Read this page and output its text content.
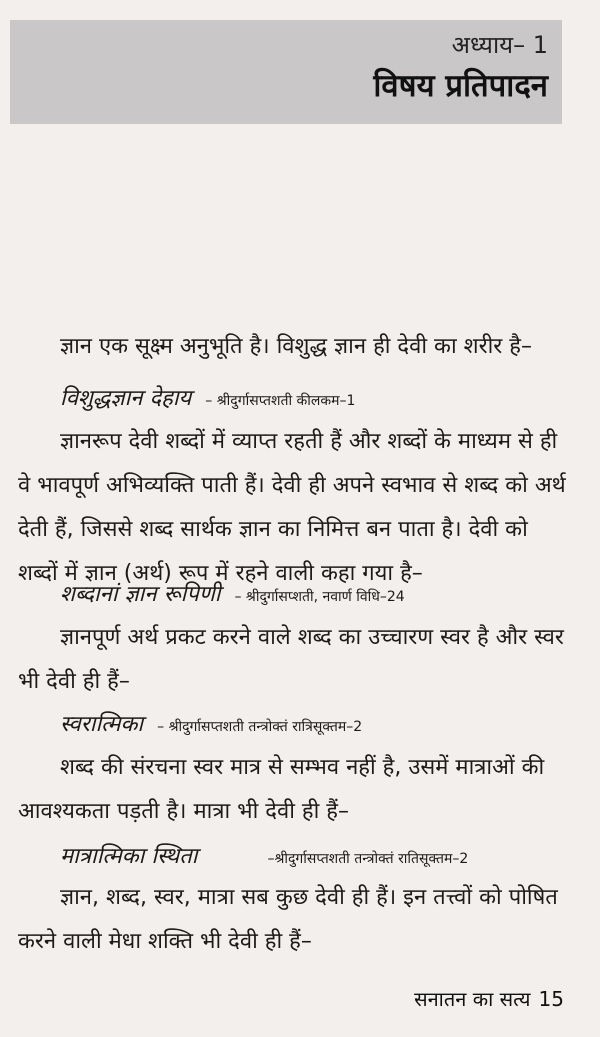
अध्याय– 1
विषय प्रतिपादन
ज्ञान एक सूक्ष्म अनुभूति है। विशुद्ध ज्ञान ही देवी का शरीर है–
विशुद्धज्ञान देहाय – श्रीदुर्गासप्तशती कीलकम–1
ज्ञानरूप देवी शब्दों में व्याप्त रहती हैं और शब्दों के माध्यम से ही वे भावपूर्ण अभिव्यक्ति पाती हैं। देवी ही अपने स्वभाव से शब्द को अर्थ देती हैं, जिससे शब्द सार्थक ज्ञान का निमित्त बन पाता है। देवी को शब्दों में ज्ञान (अर्थ) रूप में रहने वाली कहा गया है–
शब्दानां ज्ञान रूपिणी – श्रीदुर्गासप्शती, नवार्ण विधि–24
ज्ञानपूर्ण अर्थ प्रकट करने वाले शब्द का उच्चारण स्वर है और स्वर भी देवी ही हैं–
स्वरात्मिका – श्रीदुर्गासप्तशती तन्त्रोक्तं रात्रिसूक्तम–2
शब्द की संरचना स्वर मात्र से सम्भव नहीं है, उसमें मात्राओं की आवश्यकता पड़ती है। मात्रा भी देवी ही हैं–
मात्रात्मिका स्थिता	–श्रीदुर्गासप्तशती तन्त्रोक्तं रातिसूक्तम–2
ज्ञान, शब्द, स्वर, मात्रा सब कुछ देवी ही हैं। इन तत्त्वों को पोषित करने वाली मेधा शक्ति भी देवी ही हैं–
सनातन का सत्य 15
